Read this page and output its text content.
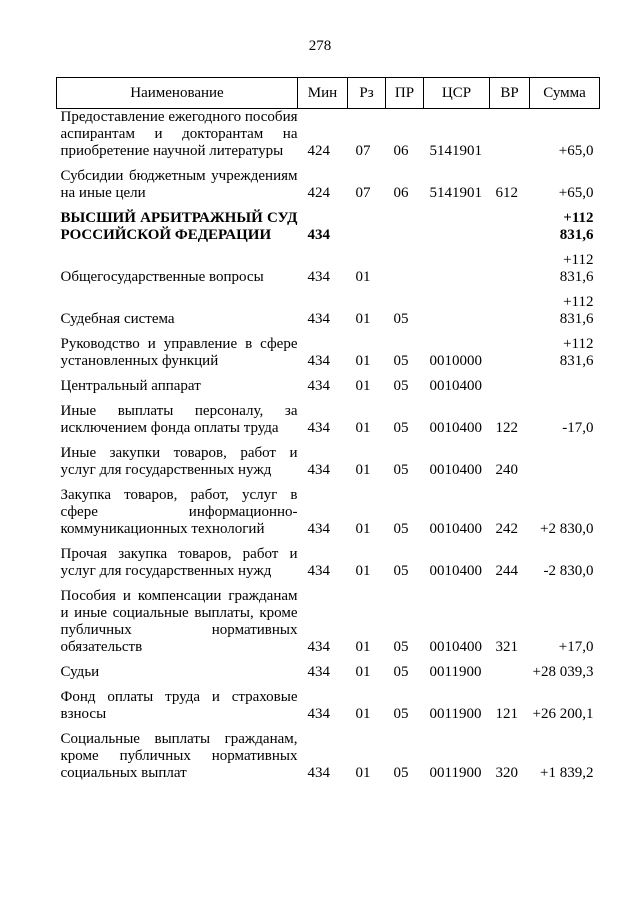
278
Наименование	Мин	Рз	ПР	ЦСР	ВР	Сумма
Предоставление ежегодного пособия аспирантам и докторантам на приобретение научной литературы	424	07	06	5141901		+65,0

Субсидии бюджетным учреждениям на иные цели	424	07	06	5141901	612	+65,0

ВЫСШИЙ АРБИТРАЖНЫЙ СУД РОССИЙСКОЙ ФЕДЕРАЦИИ	434					+112 831,6

Общегосударственные вопросы	434	01				+112 831,6

Судебная система	434	01	05			+112 831,6

Руководство и управление в сфере установленных функций	434	01	05	0010000		+112 831,6

Центральный аппарат	434	01	05	0010400		

Иные выплаты персоналу, за исключением фонда оплаты труда	434	01	05	0010400	122	-17,0

Иные закупки товаров, работ и услуг для государственных нужд	434	01	05	0010400	240	

Закупка товаров, работ, услуг в сфере информационно-коммуникационных технологий	434	01	05	0010400	242	+2 830,0

Прочая закупка товаров, работ и услуг для государственных нужд	434	01	05	0010400	244	-2 830,0

Пособия и компенсации гражданам и иные социальные выплаты, кроме публичных нормативных обязательств	434	01	05	0010400	321	+17,0

Судьи	434	01	05	0011900		+28 039,3

Фонд оплаты труда и страховые взносы	434	01	05	0011900	121	+26 200,1

Социальные выплаты гражданам, кроме публичных нормативных социальных выплат	434	01	05	0011900	320	+1 839,2
